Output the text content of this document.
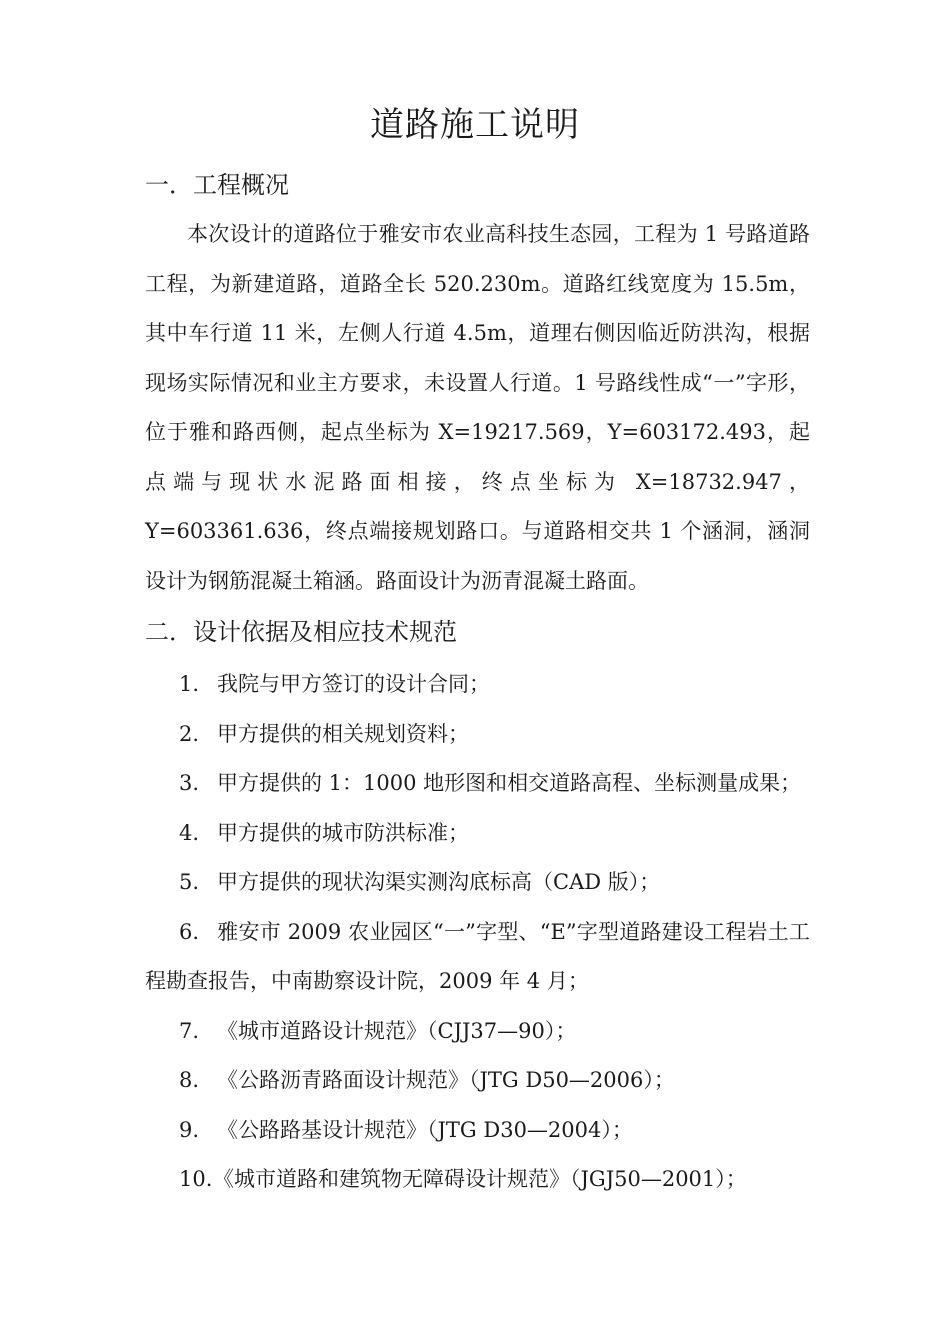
道路施工说明
一．工程概况

本次设计的道路位于雅安市农业高科技生态园，工程为 1 号路道路工程，为新建道路，道路全长 520.230m。道路红线宽度为 15.5m，其中车行道 11 米，左侧人行道 4.5m，道理右侧因临近防洪沟，根据现场实际情况和业主方要求，未设置人行道。1 号路线性成“一”字形，位于雅和路西侧，起点坐标为 X=19217.569，Y=603172.493，起点端与现状水泥路面相接，终点坐标为 X=18732.947，Y=603361.636，终点端接规划路口。与道路相交共 1 个涵洞，涵洞设计为钢筋混凝土箱涵。路面设计为沥青混凝土路面。

二．设计依据及相应技术规范
1. 我院与甲方签订的设计合同；
2. 甲方提供的相关规划资料；
3. 甲方提供的 1：1000 地形图和相交道路高程、坐标测量成果；
4. 甲方提供的城市防洪标准；
5. 甲方提供的现状沟渠实测沟底标高（CAD 版）；
6. 雅安市 2009 农业园区“一”字型、“E”字型道路建设工程岩土工程勘查报告，中南勘察设计院，2009 年 4 月；
7. 《城市道路设计规范》（CJJ37—90）；
8. 《公路沥青路面设计规范》（JTG D50—2006）；
9. 《公路路基设计规范》（JTG D30—2004）；
10.《城市道路和建筑物无障碍设计规范》（JGJ50—2001）；
